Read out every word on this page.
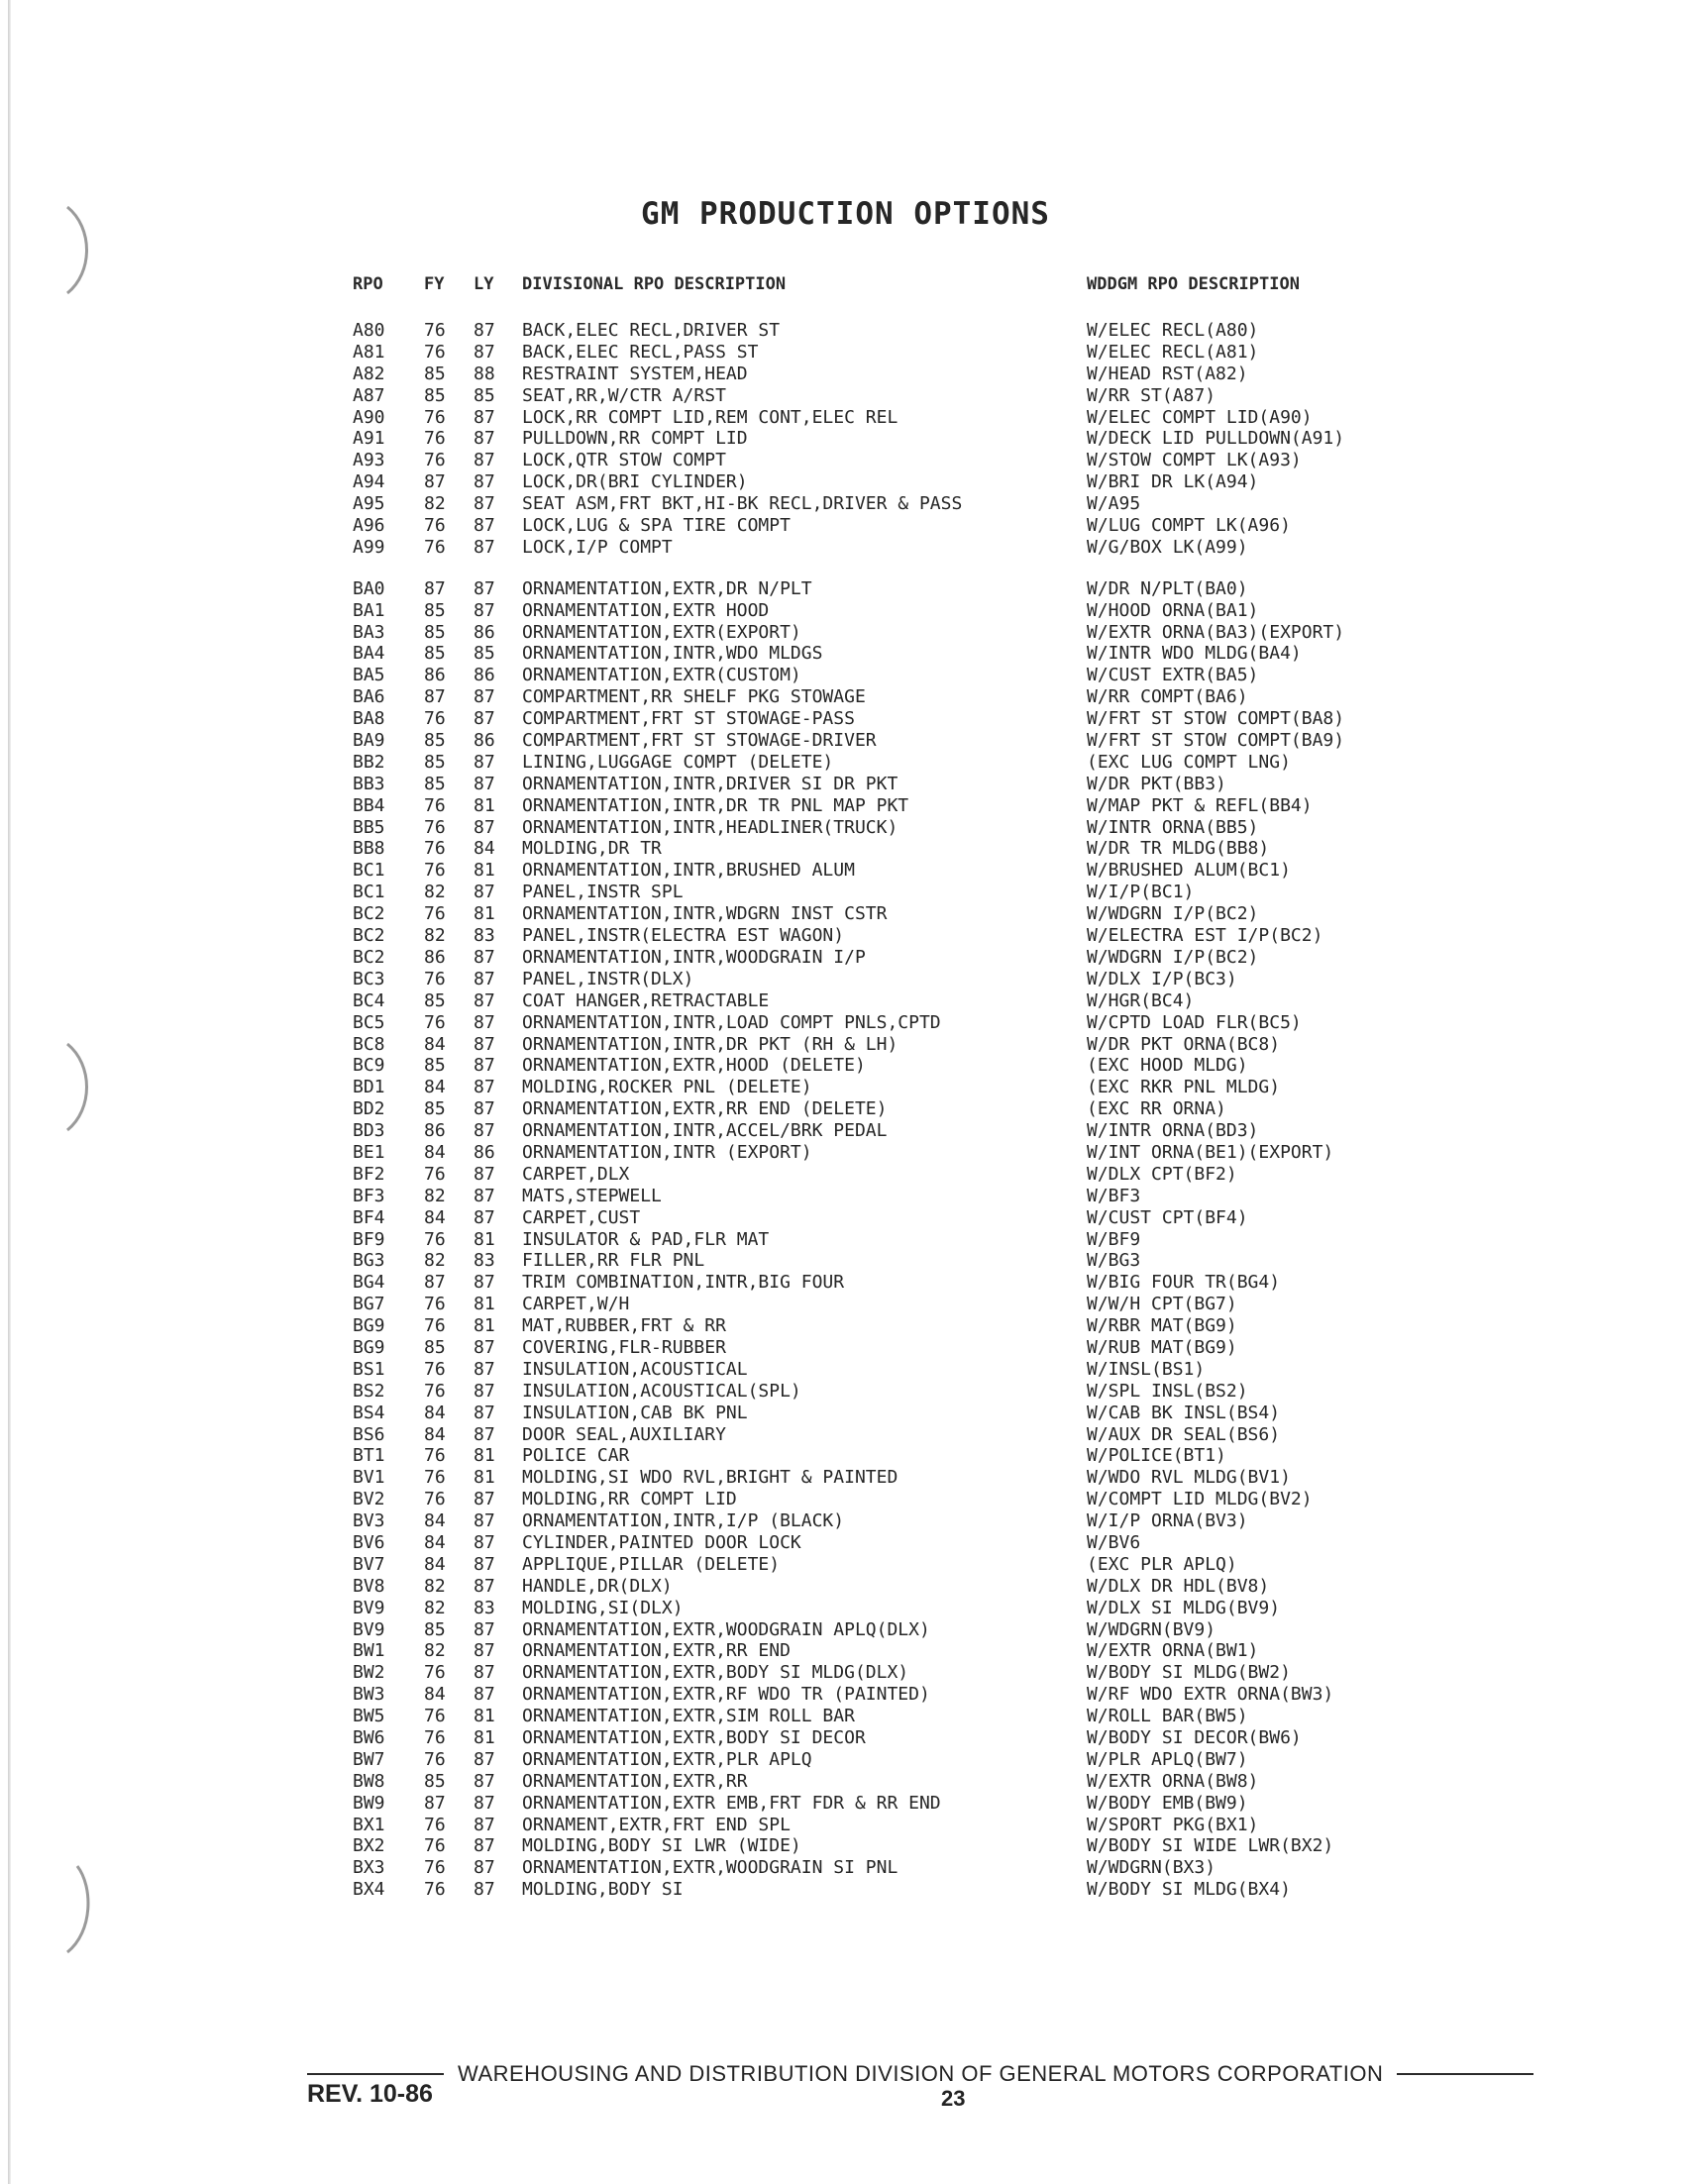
GM PRODUCTION OPTIONS
RPO FY LY DIVISIONAL RPO DESCRIPTION	WDDGM RPO DESCRIPTION
A80 76 87 BACK,ELEC RECL,DRIVER ST	W/ELEC RECL(A80)
A81 76 87 BACK,ELEC RECL,PASS ST	W/ELEC RECL(A81)
A82 85 88 RESTRAINT SYSTEM,HEAD	W/HEAD RST(A82)
A87 85 85 SEAT,RR,W/CTR A/RST	W/RR ST(A87)
A90 76 87 LOCK,RR COMPT LID,REM CONT,ELEC REL	W/ELEC COMPT LID(A90)
A91 76 87 PULLDOWN,RR COMPT LID	W/DECK LID PULLDOWN(A91)
A93 76 87 LOCK,QTR STOW COMPT	W/STOW COMPT LK(A93)
A94 87 87 LOCK,DR(BRI CYLINDER)	W/BRI DR LK(A94)
A95 82 87 SEAT ASM,FRT BKT,HI-BK RECL,DRIVER & PASS	W/A95
A96 76 87 LOCK,LUG & SPA TIRE COMPT	W/LUG COMPT LK(A96)
A99 76 87 LOCK,I/P COMPT	W/G/BOX LK(A99)
BA0 87 87 ORNAMENTATION,EXTR,DR N/PLT	W/DR N/PLT(BA0)
BA1 85 87 ORNAMENTATION,EXTR HOOD	W/HOOD ORNA(BA1)
BA3 85 86 ORNAMENTATION,EXTR(EXPORT)	W/EXTR ORNA(BA3)(EXPORT)
BA4 85 85 ORNAMENTATION,INTR,WDO MLDGS	W/INTR WDO MLDG(BA4)
BA5 86 86 ORNAMENTATION,EXTR(CUSTOM)	W/CUST EXTR(BA5)
BA6 87 87 COMPARTMENT,RR SHELF PKG STOWAGE	W/RR COMPT(BA6)
BA8 76 87 COMPARTMENT,FRT ST STOWAGE-PASS	W/FRT ST STOW COMPT(BA8)
BA9 85 86 COMPARTMENT,FRT ST STOWAGE-DRIVER	W/FRT ST STOW COMPT(BA9)
BB2 85 87 LINING,LUGGAGE COMPT (DELETE)	(EXC LUG COMPT LNG)
BB3 85 87 ORNAMENTATION,INTR,DRIVER SI DR PKT	W/DR PKT(BB3)
BB4 76 81 ORNAMENTATION,INTR,DR TR PNL MAP PKT	W/MAP PKT & REFL(BB4)
BB5 76 87 ORNAMENTATION,INTR,HEADLINER(TRUCK)	W/INTR ORNA(BB5)
BB8 76 84 MOLDING,DR TR	W/DR TR MLDG(BB8)
BC1 76 81 ORNAMENTATION,INTR,BRUSHED ALUM	W/BRUSHED ALUM(BC1)
BC1 82 87 PANEL,INSTR SPL	W/I/P(BC1)
BC2 76 81 ORNAMENTATION,INTR,WDGRN INST CSTR	W/WDGRN I/P(BC2)
BC2 82 83 PANEL,INSTR(ELECTRA EST WAGON)	W/ELECTRA EST I/P(BC2)
BC2 86 87 ORNAMENTATION,INTR,WOODGRAIN I/P	W/WDGRN I/P(BC2)
BC3 76 87 PANEL,INSTR(DLX)	W/DLX I/P(BC3)
BC4 85 87 COAT HANGER,RETRACTABLE	W/HGR(BC4)
BC5 76 87 ORNAMENTATION,INTR,LOAD COMPT PNLS,CPTD	W/CPTD LOAD FLR(BC5)
BC8 84 87 ORNAMENTATION,INTR,DR PKT (RH & LH)	W/DR PKT ORNA(BC8)
BC9 85 87 ORNAMENTATION,EXTR,HOOD (DELETE)	(EXC HOOD MLDG)
BD1 84 87 MOLDING,ROCKER PNL (DELETE)	(EXC RKR PNL MLDG)
BD2 85 87 ORNAMENTATION,EXTR,RR END (DELETE)	(EXC RR ORNA)
BD3 86 87 ORNAMENTATION,INTR,ACCEL/BRK PEDAL	W/INTR ORNA(BD3)
BE1 84 86 ORNAMENTATION,INTR (EXPORT)	W/INT ORNA(BE1)(EXPORT)
BF2 76 87 CARPET,DLX	W/DLX CPT(BF2)
BF3 82 87 MATS,STEPWELL	W/BF3
BF4 84 87 CARPET,CUST	W/CUST CPT(BF4)
BF9 76 81 INSULATOR & PAD,FLR MAT	W/BF9
BG3 82 83 FILLER,RR FLR PNL	W/BG3
BG4 87 87 TRIM COMBINATION,INTR,BIG FOUR	W/BIG FOUR TR(BG4)
BG7 76 81 CARPET,W/H	W/W/H CPT(BG7)
BG9 76 81 MAT,RUBBER,FRT & RR	W/RBR MAT(BG9)
BG9 85 87 COVERING,FLR-RUBBER	W/RUB MAT(BG9)
BS1 76 87 INSULATION,ACOUSTICAL	W/INSL(BS1)
BS2 76 87 INSULATION,ACOUSTICAL(SPL)	W/SPL INSL(BS2)
BS4 84 87 INSULATION,CAB BK PNL	W/CAB BK INSL(BS4)
BS6 84 87 DOOR SEAL,AUXILIARY	W/AUX DR SEAL(BS6)
BT1 76 81 POLICE CAR	W/POLICE(BT1)
BV1 76 81 MOLDING,SI WDO RVL,BRIGHT & PAINTED	W/WDO RVL MLDG(BV1)
BV2 76 87 MOLDING,RR COMPT LID	W/COMPT LID MLDG(BV2)
BV3 84 87 ORNAMENTATION,INTR,I/P (BLACK)	W/I/P ORNA(BV3)
BV6 84 87 CYLINDER,PAINTED DOOR LOCK	W/BV6
BV7 84 87 APPLIQUE,PILLAR (DELETE)	(EXC PLR APLQ)
BV8 82 87 HANDLE,DR(DLX)	W/DLX DR HDL(BV8)
BV9 82 83 MOLDING,SI(DLX)	W/DLX SI MLDG(BV9)
BV9 85 87 ORNAMENTATION,EXTR,WOODGRAIN APLQ(DLX)	W/WDGRN(BV9)
BW1 82 87 ORNAMENTATION,EXTR,RR END	W/EXTR ORNA(BW1)
BW2 76 87 ORNAMENTATION,EXTR,BODY SI MLDG(DLX)	W/BODY SI MLDG(BW2)
BW3 84 87 ORNAMENTATION,EXTR,RF WDO TR (PAINTED)	W/RF WDO EXTR ORNA(BW3)
BW5 76 81 ORNAMENTATION,EXTR,SIM ROLL BAR	W/ROLL BAR(BW5)
BW6 76 81 ORNAMENTATION,EXTR,BODY SI DECOR	W/BODY SI DECOR(BW6)
BW7 76 87 ORNAMENTATION,EXTR,PLR APLQ	W/PLR APLQ(BW7)
BW8 85 87 ORNAMENTATION,EXTR,RR	W/EXTR ORNA(BW8)
BW9 87 87 ORNAMENTATION,EXTR EMB,FRT FDR & RR END	W/BODY EMB(BW9)
BX1 76 87 ORNAMENT,EXTR,FRT END SPL	W/SPORT PKG(BX1)
BX2 76 87 MOLDING,BODY SI LWR (WIDE)	W/BODY SI WIDE LWR(BX2)
BX3 76 87 ORNAMENTATION,EXTR,WOODGRAIN SI PNL	W/WDGRN(BX3)
BX4 76 87 MOLDING,BODY SI	W/BODY SI MLDG(BX4)
WAREHOUSING AND DISTRIBUTION DIVISION OF GENERAL MOTORS CORPORATION
REV. 10-86	23
